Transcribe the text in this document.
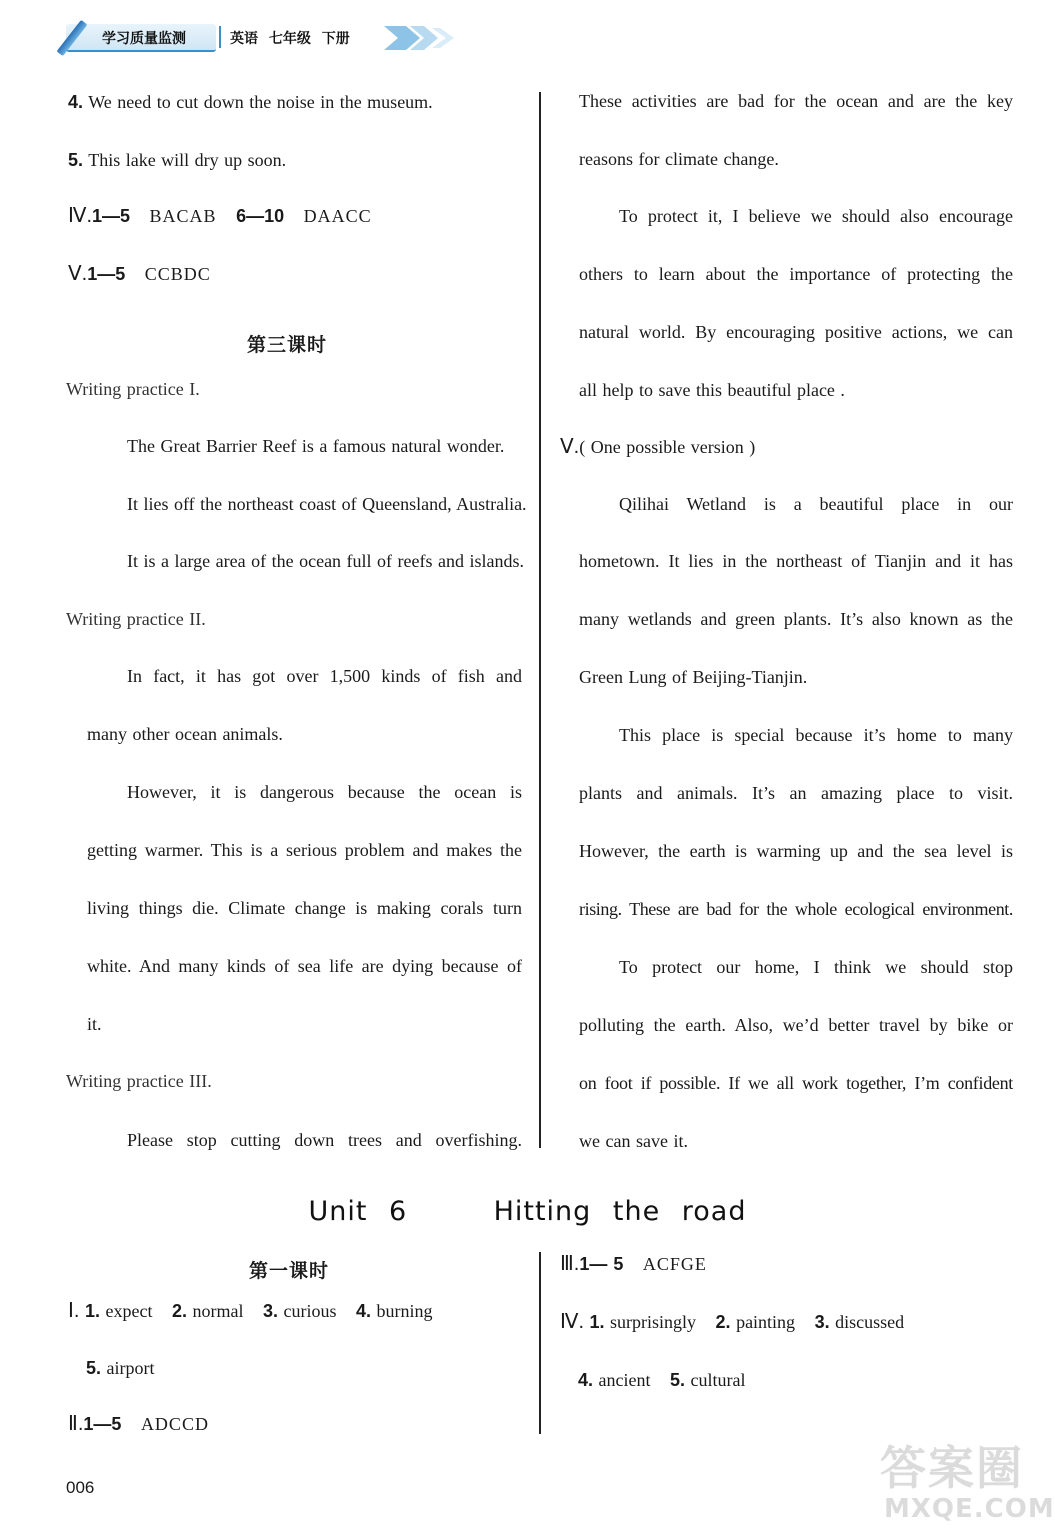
学习质量监测	英语 七年级 下册
4. We need to cut down the noise in the museum.
5. This lake will dry up soon.
Ⅳ.1—5 BACAB 6—10 DAACC
Ⅴ.1—5 CCBDC
第三课时
Writing practice I.
The Great Barrier Reef is a famous natural wonder.
It lies off the northeast coast of Queensland, Australia.
It is a large area of the ocean full of reefs and islands.
Writing practice II.
In fact, it has got over 1,500 kinds of fish and
many other ocean animals.
However, it is dangerous because the ocean is
getting warmer. This is a serious problem and makes the
living things die. Climate change is making corals turn
white. And many kinds of sea life are dying because of
it.
Writing practice III.
Please stop cutting down trees and overfishing.
These activities are bad for the ocean and are the key
reasons for climate change.
To protect it, I believe we should also encourage
others to learn about the importance of protecting the
natural world. By encouraging positive actions, we can
all help to save this beautiful place .
Ⅴ.( One possible version )
Qilihai Wetland is a beautiful place in our
hometown. It lies in the northeast of Tianjin and it has
many wetlands and green plants. It’s also known as the
Green Lung of Beijing-Tianjin.
This place is special because it’s home to many
plants and animals. It’s an amazing place to visit.
However, the earth is warming up and the sea level is
rising. These are bad for the whole ecological environment.
To protect our home, I think we should stop
polluting the earth. Also, we’d better travel by bike or
on foot if possible. If we all work together, I’m confident
we can save it.
Unit 6    Hitting the road
第一课时
Ⅰ. 1. expect 2. normal 3. curious 4. burning
5. airport
Ⅱ.1—5 ADCCD
Ⅲ.1— 5 ACFGE
Ⅳ. 1. surprisingly 2. painting 3. discussed
4. ancient 5. cultural
006	答案圈
MXQE.COM
